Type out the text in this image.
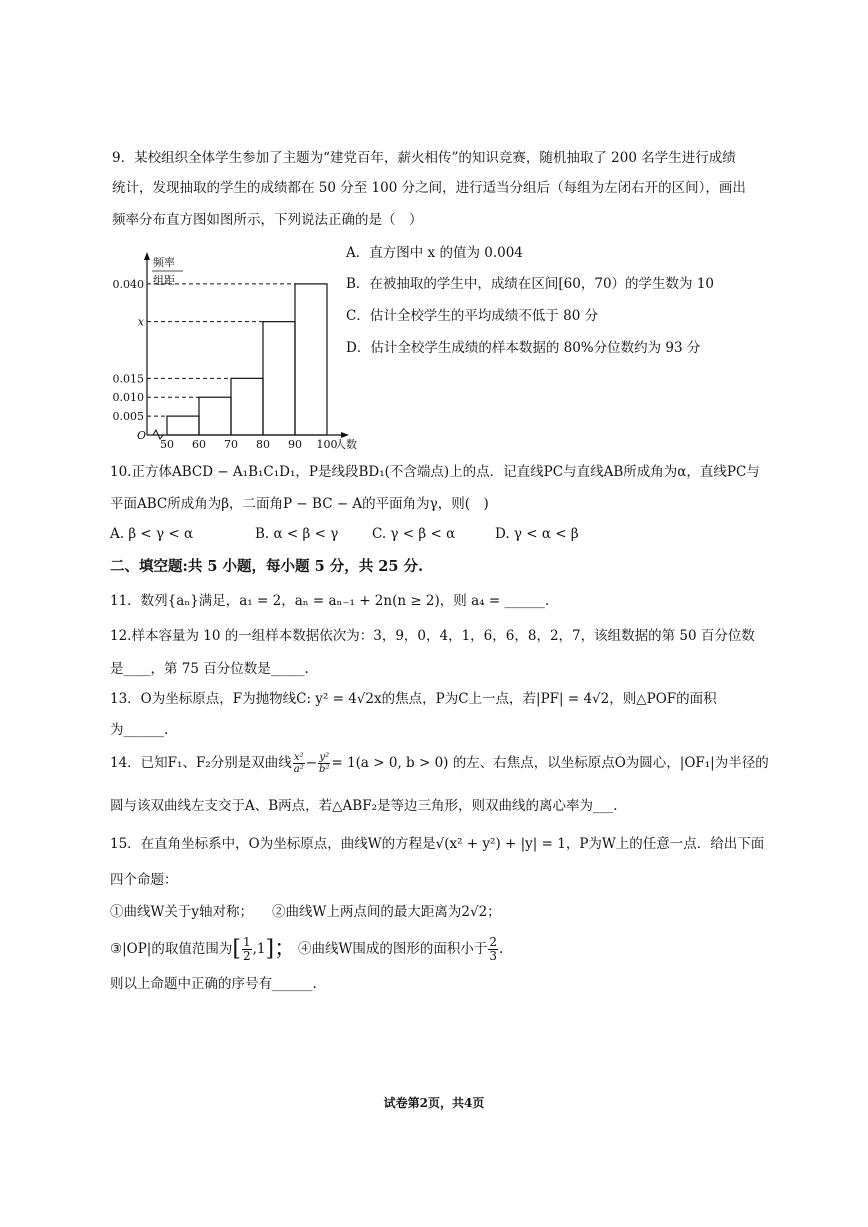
9．某校组织全体学生参加了主题为“建党百年，薪火相传”的知识竞赛，随机抽取了 200 名学生进行成绩
统计，发现抽取的学生的成绩都在 50 分至 100 分之间，进行适当分组后（每组为左闭右开的区间），画出
频率分布直方图如图所示，下列说法正确的是（　）
频率
组距
O
0.005
0.010
0.015
x
0.040
50 60 70 80 90 100
人数
A．直方图中 x 的值为 0.004
B．在被抽取的学生中，成绩在区间[60，70）的学生数为 10
C．估计全校学生的平均成绩不低于 80 分
D．估计全校学生成绩的样本数据的 80%分位数约为 93 分
10.正方体ABCD − A₁B₁C₁D₁，P是线段BD₁(不含端点)上的点．记直线PC与直线AB所成角为α，直线PC与
平面ABC所成角为β，二面角P − BC − A的平面角为γ，则(　)
A. β < γ < α	B. α < β < γ C. γ < β < α	D. γ < α < β
二、填空题:共 5 小题，每小题 5 分，共 25 分.
11．数列{aₙ}满足，a₁ = 2，aₙ = aₙ₋₁ + 2n(n ≥ 2)，则 a₄ = ______.
12.样本容量为 10 的一组样本数据依次为：3，9，0，4，1，6，6，8，2，7，该组数据的第 50 百分位数
是____，第 75 百分位数是_____.
13．O为坐标原点，F为抛物线C: y² = 4√2x的焦点，P为C上一点，若|PF| = 4√2，则△POF的面积
为______.
14．已知F₁、F₂分别是双曲线 $\frac{\text{x²}}{\text{a²}} - \frac{\text{y²}}{\text{b²}} = 1(a > 0$, b > 0) 的左、右焦点，以坐标原点O为圆心，|OF₁|为半径的
圆与该双曲线左支交于A、B两点，若△ABF₂是等边三角形，则双曲线的离心率为___.
15．在直角坐标系中，O为坐标原点，曲线W的方程是√(x² + y²) + |y| = 1，P为W上的任意一点．给出下面
四个命题：
①曲线W关于y轴对称； ②曲线W上两点间的最大距离为2√2；
③|OP|的取值范围为[ $\frac{1}{2} ,1$]； ④曲线W围成的图形的面积小于 $\frac{2}{3}$ .
则以上命题中正确的序号有______.
试卷第2页，共4页
